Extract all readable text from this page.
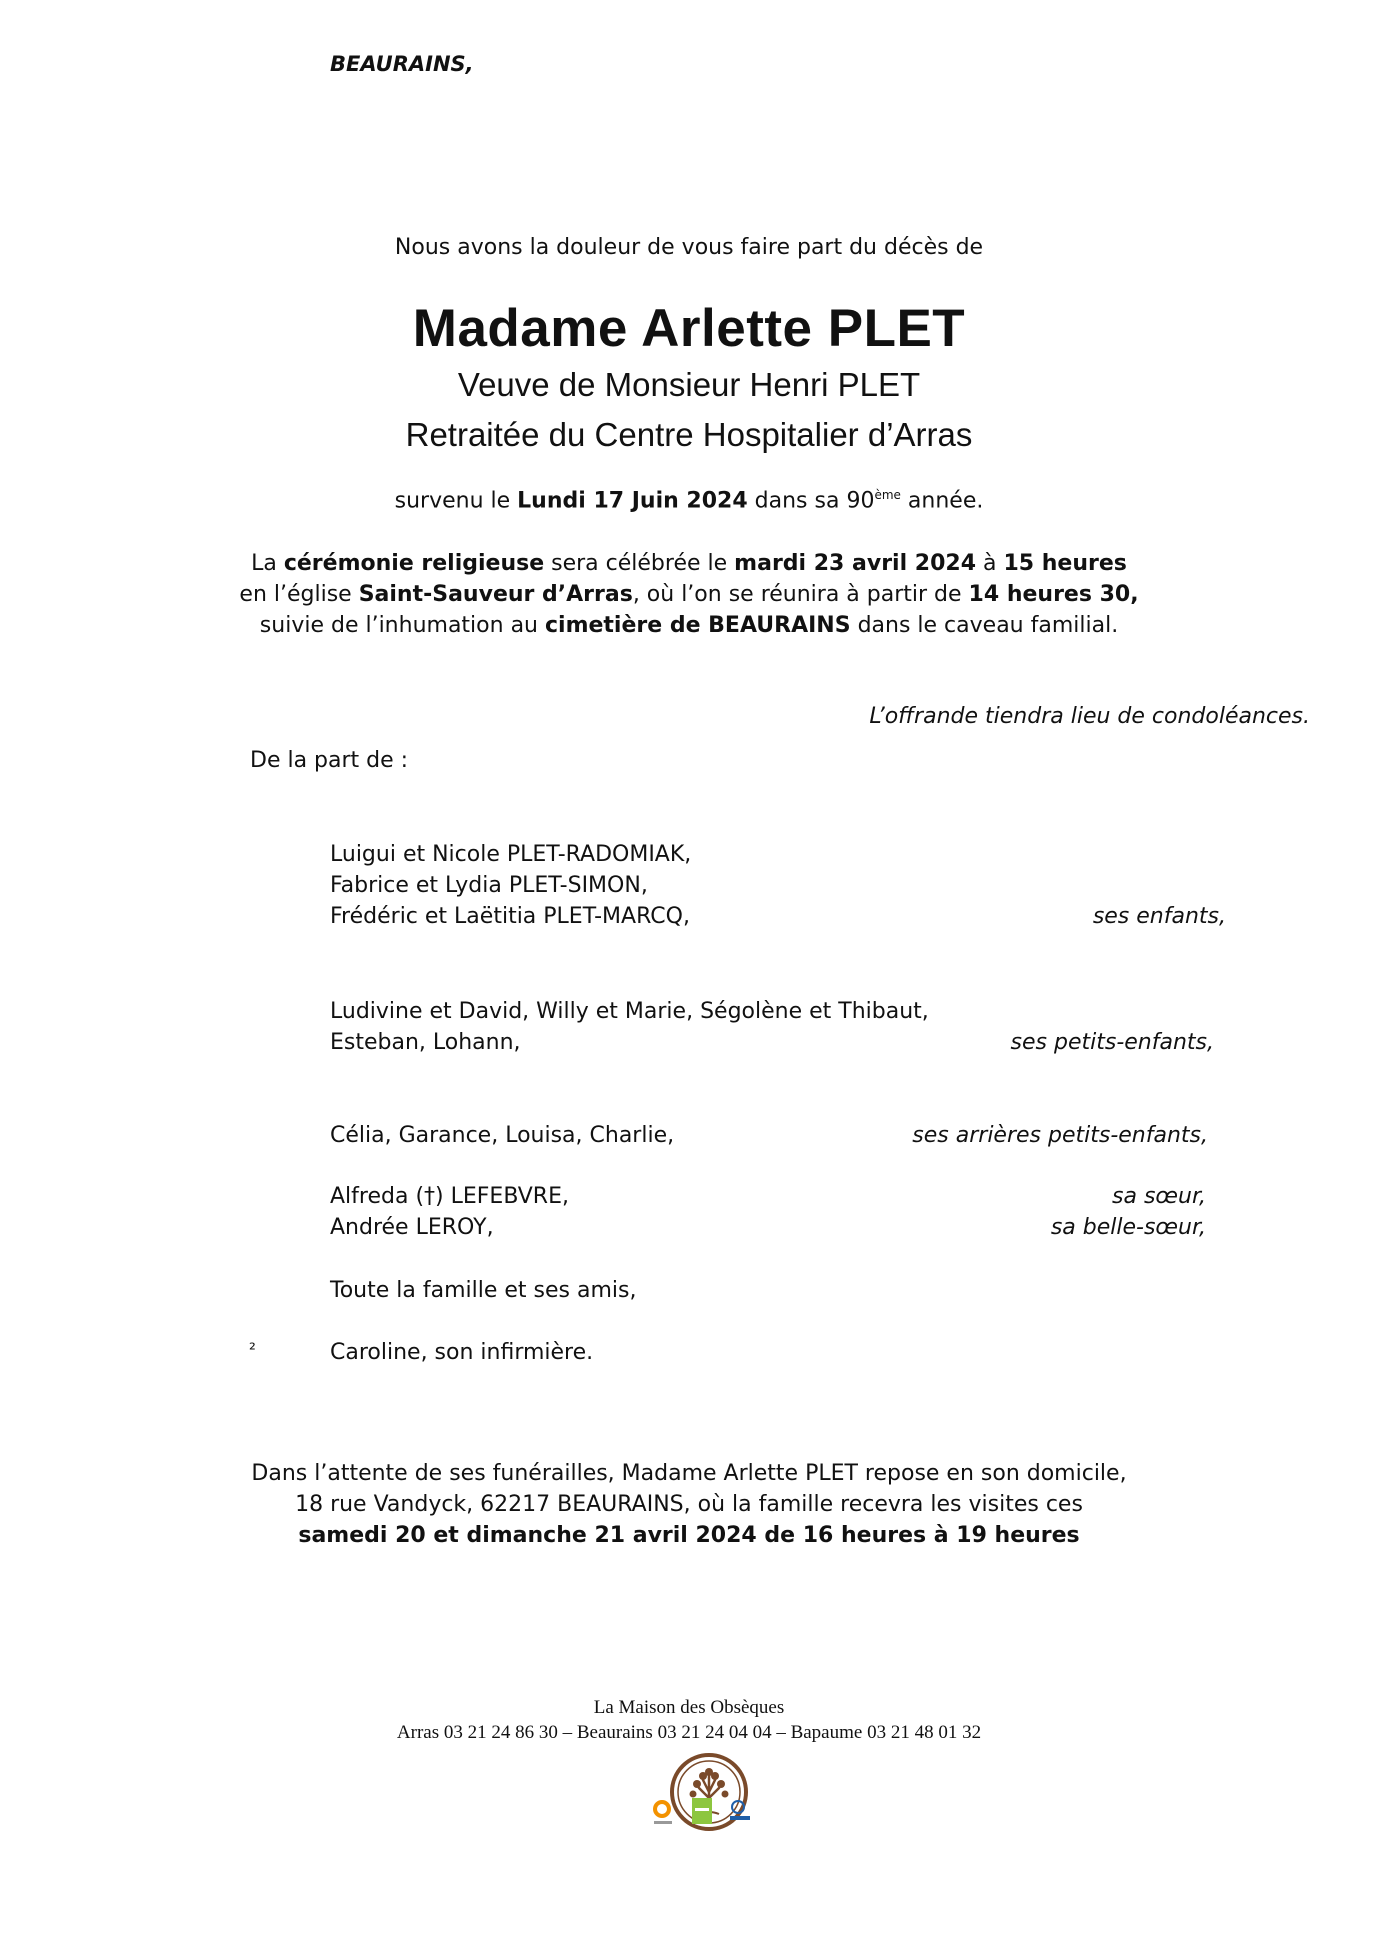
BEAURAINS,
Nous avons la douleur de vous faire part du décès de
Madame Arlette PLET
Veuve de Monsieur Henri PLET
Retraitée du Centre Hospitalier d’Arras
survenu le Lundi 17 Juin 2024 dans sa 90ème année.
La cérémonie religieuse sera célébrée le mardi 23 avril 2024 à 15 heures
en l’église Saint-Sauveur d’Arras, où l’on se réunira à partir de 14 heures 30,
suivie de l’inhumation au cimetière de BEAURAINS dans le caveau familial.
L’offrande tiendra lieu de condoléances.
De la part de :
Luigui et Nicole PLET-RADOMIAK,
Fabrice et Lydia PLET-SIMON,
Frédéric et Laëtitia PLET-MARCQ,	ses enfants,
Ludivine et David, Willy et Marie, Ségolène et Thibaut,
Esteban, Lohann,	ses petits-enfants,
Célia, Garance, Louisa, Charlie,	ses arrières petits-enfants,
Alfreda (†) LEFEBVRE,	sa sœur,
Andrée LEROY,	sa belle-sœur,
Toute la famille et ses amis,
²	Caroline, son infirmière.
Dans l’attente de ses funérailles, Madame Arlette PLET repose en son domicile,
18 rue Vandyck, 62217 BEAURAINS, où la famille recevra les visites ces
samedi 20 et dimanche 21 avril 2024 de 16 heures à 19 heures
La Maison des Obsèques
Arras 03 21 24 86 30 – Beaurains 03 21 24 04 04 – Bapaume 03 21 48 01 32
